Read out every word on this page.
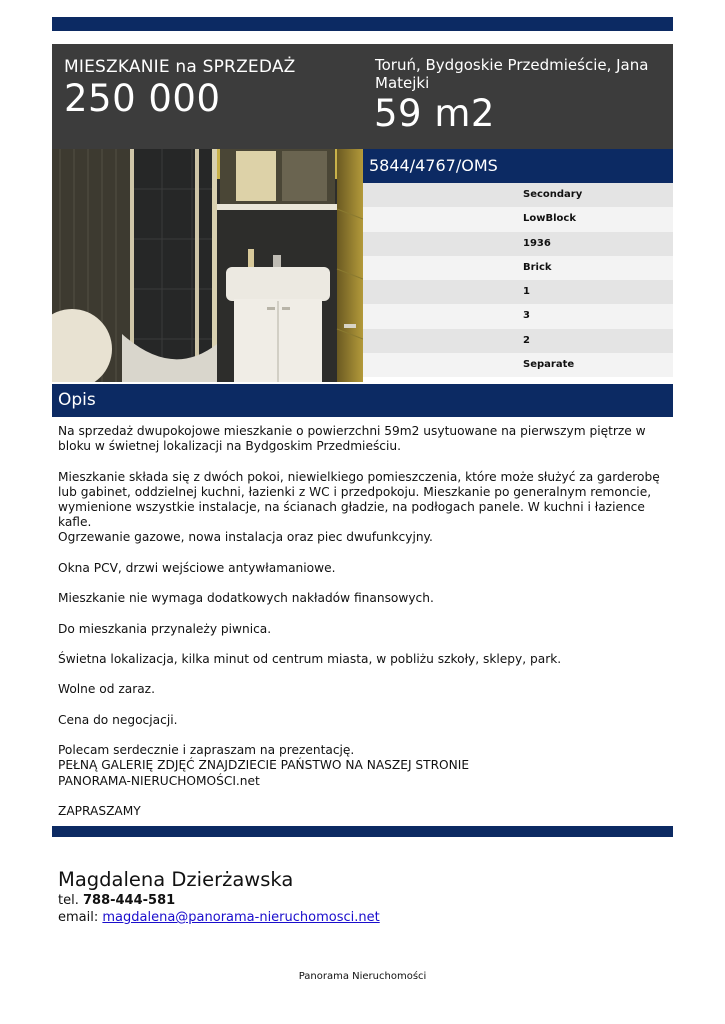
MIESZKANIE na SPRZEDAŻ
250 000
Toruń, Bydgoskie Przedmieście, Jana Matejki
59 m2
5844/4767/OMS
Secondary
LowBlock
1936
Brick
1
3
2
Separate
Opis

Na sprzedaż dwupokojowe mieszkanie o powierzchni 59m2 usytuowane na pierwszym piętrze w bloku w świetnej lokalizacji na Bydgoskim Przedmieściu.

Mieszkanie składa się z dwóch pokoi, niewielkiego pomieszczenia, które może służyć za garderobę lub gabinet, oddzielnej kuchni, łazienki z WC i przedpokoju. Mieszkanie po generalnym remoncie, wymienione wszystkie instalacje, na ścianach gładzie, na podłogach panele. W kuchni i łazience kafle.
Ogrzewanie gazowe, nowa instalacja oraz piec dwufunkcyjny.

Okna PCV, drzwi wejściowe antywłamaniowe.

Mieszkanie nie wymaga dodatkowych nakładów finansowych.

Do mieszkania przynależy piwnica.

Świetna lokalizacja, kilka minut od centrum miasta, w pobliżu szkoły, sklepy, park.

Wolne od zaraz.

Cena do negocjacji.

Polecam serdecznie i zapraszam na prezentację.
PEŁNĄ GALERIĘ ZDJĘĆ ZNAJDZIECIE PAŃSTWO NA NASZEJ STRONIE
PANORAMA-NIERUCHOMOŚCI.net

ZAPRASZAMY

Magdalena Dzierżawska
tel. 788-444-581
email: magdalena@panorama-nieruchomosci.net
Panorama Nieruchomości
